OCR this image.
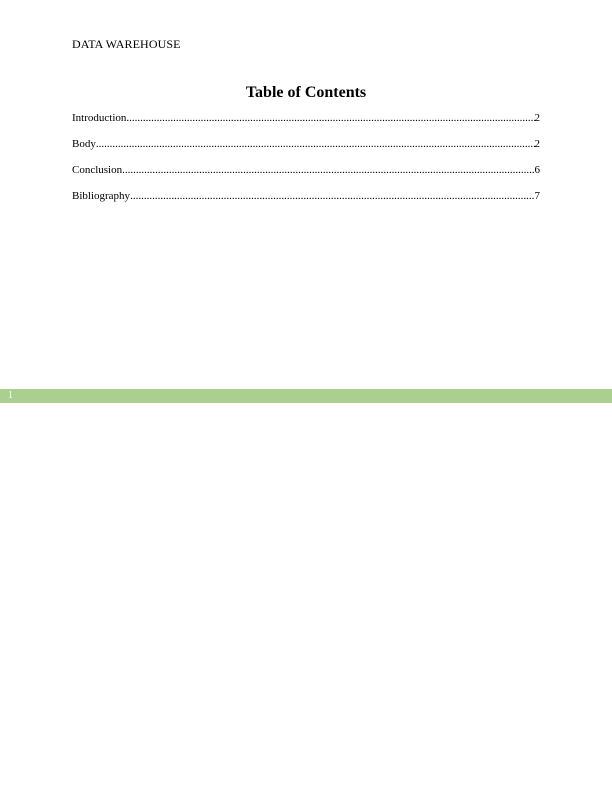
DATA WAREHOUSE
Table of Contents
Introduction .....	2
Body .....	2
Conclusion .....	6
Bibliography .....	7
1
